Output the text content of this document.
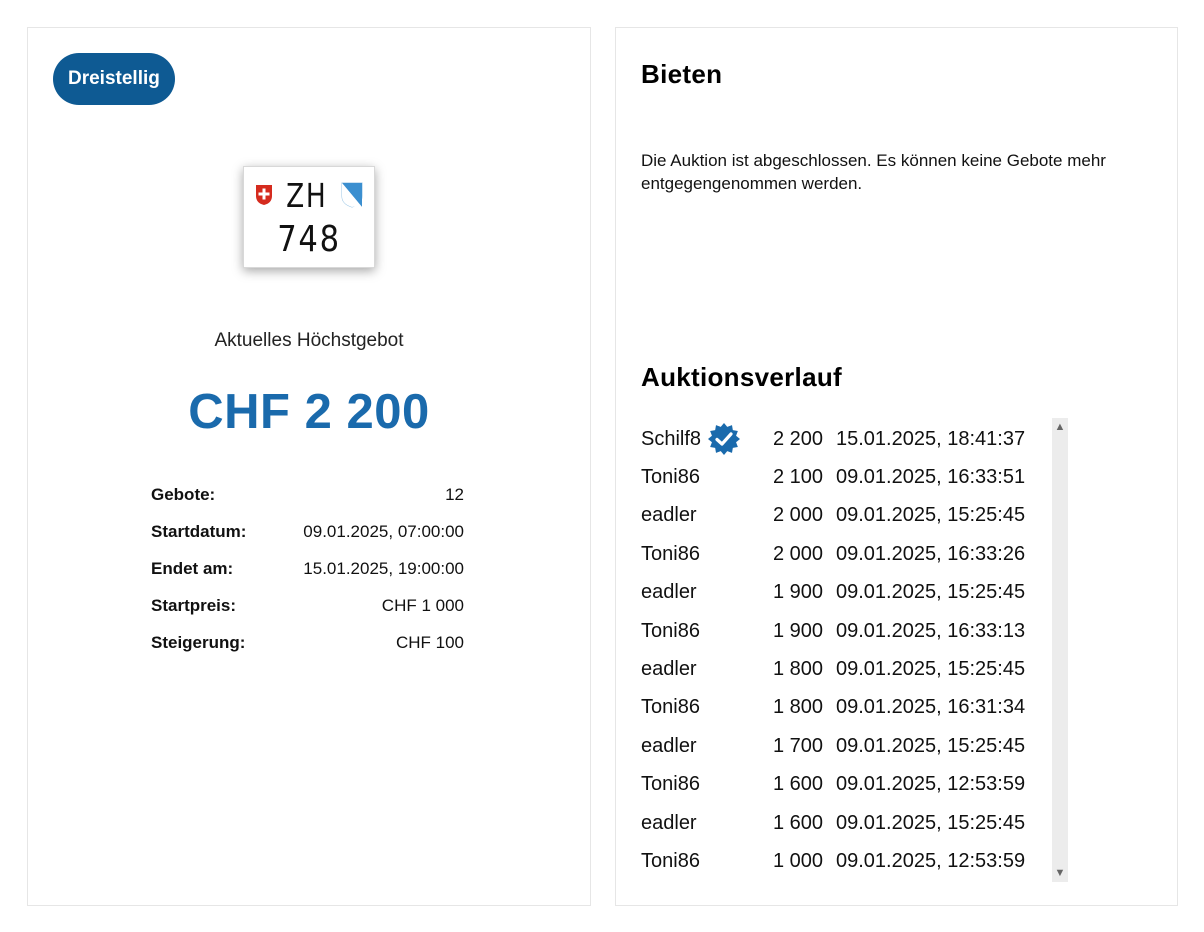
Dreistellig
ZH
748
Aktuelles Höchstgebot
CHF 2 200
Gebote:	12
Startdatum:	09.01.2025, 07:00:00
Endet am:	15.01.2025, 19:00:00
Startpreis:	CHF 1 000
Steigerung:	CHF 100
Bieten
Die Auktion ist abgeschlossen. Es können keine Gebote mehr entgegengenommen werden.
Auktionsverlauf
Schilf8	2 200 15.01.2025, 18:41:37
Toni86	2 100 09.01.2025, 16:33:51
eadler	2 000 09.01.2025, 15:25:45
Toni86	2 000 09.01.2025, 16:33:26
eadler	1 900 09.01.2025, 15:25:45
Toni86	1 900 09.01.2025, 16:33:13
eadler	1 800 09.01.2025, 15:25:45
Toni86	1 800 09.01.2025, 16:31:34
eadler	1 700 09.01.2025, 15:25:45
Toni86	1 600 09.01.2025, 12:53:59
eadler	1 600 09.01.2025, 15:25:45
Toni86	1 000 09.01.2025, 12:53:59
▲
▼
